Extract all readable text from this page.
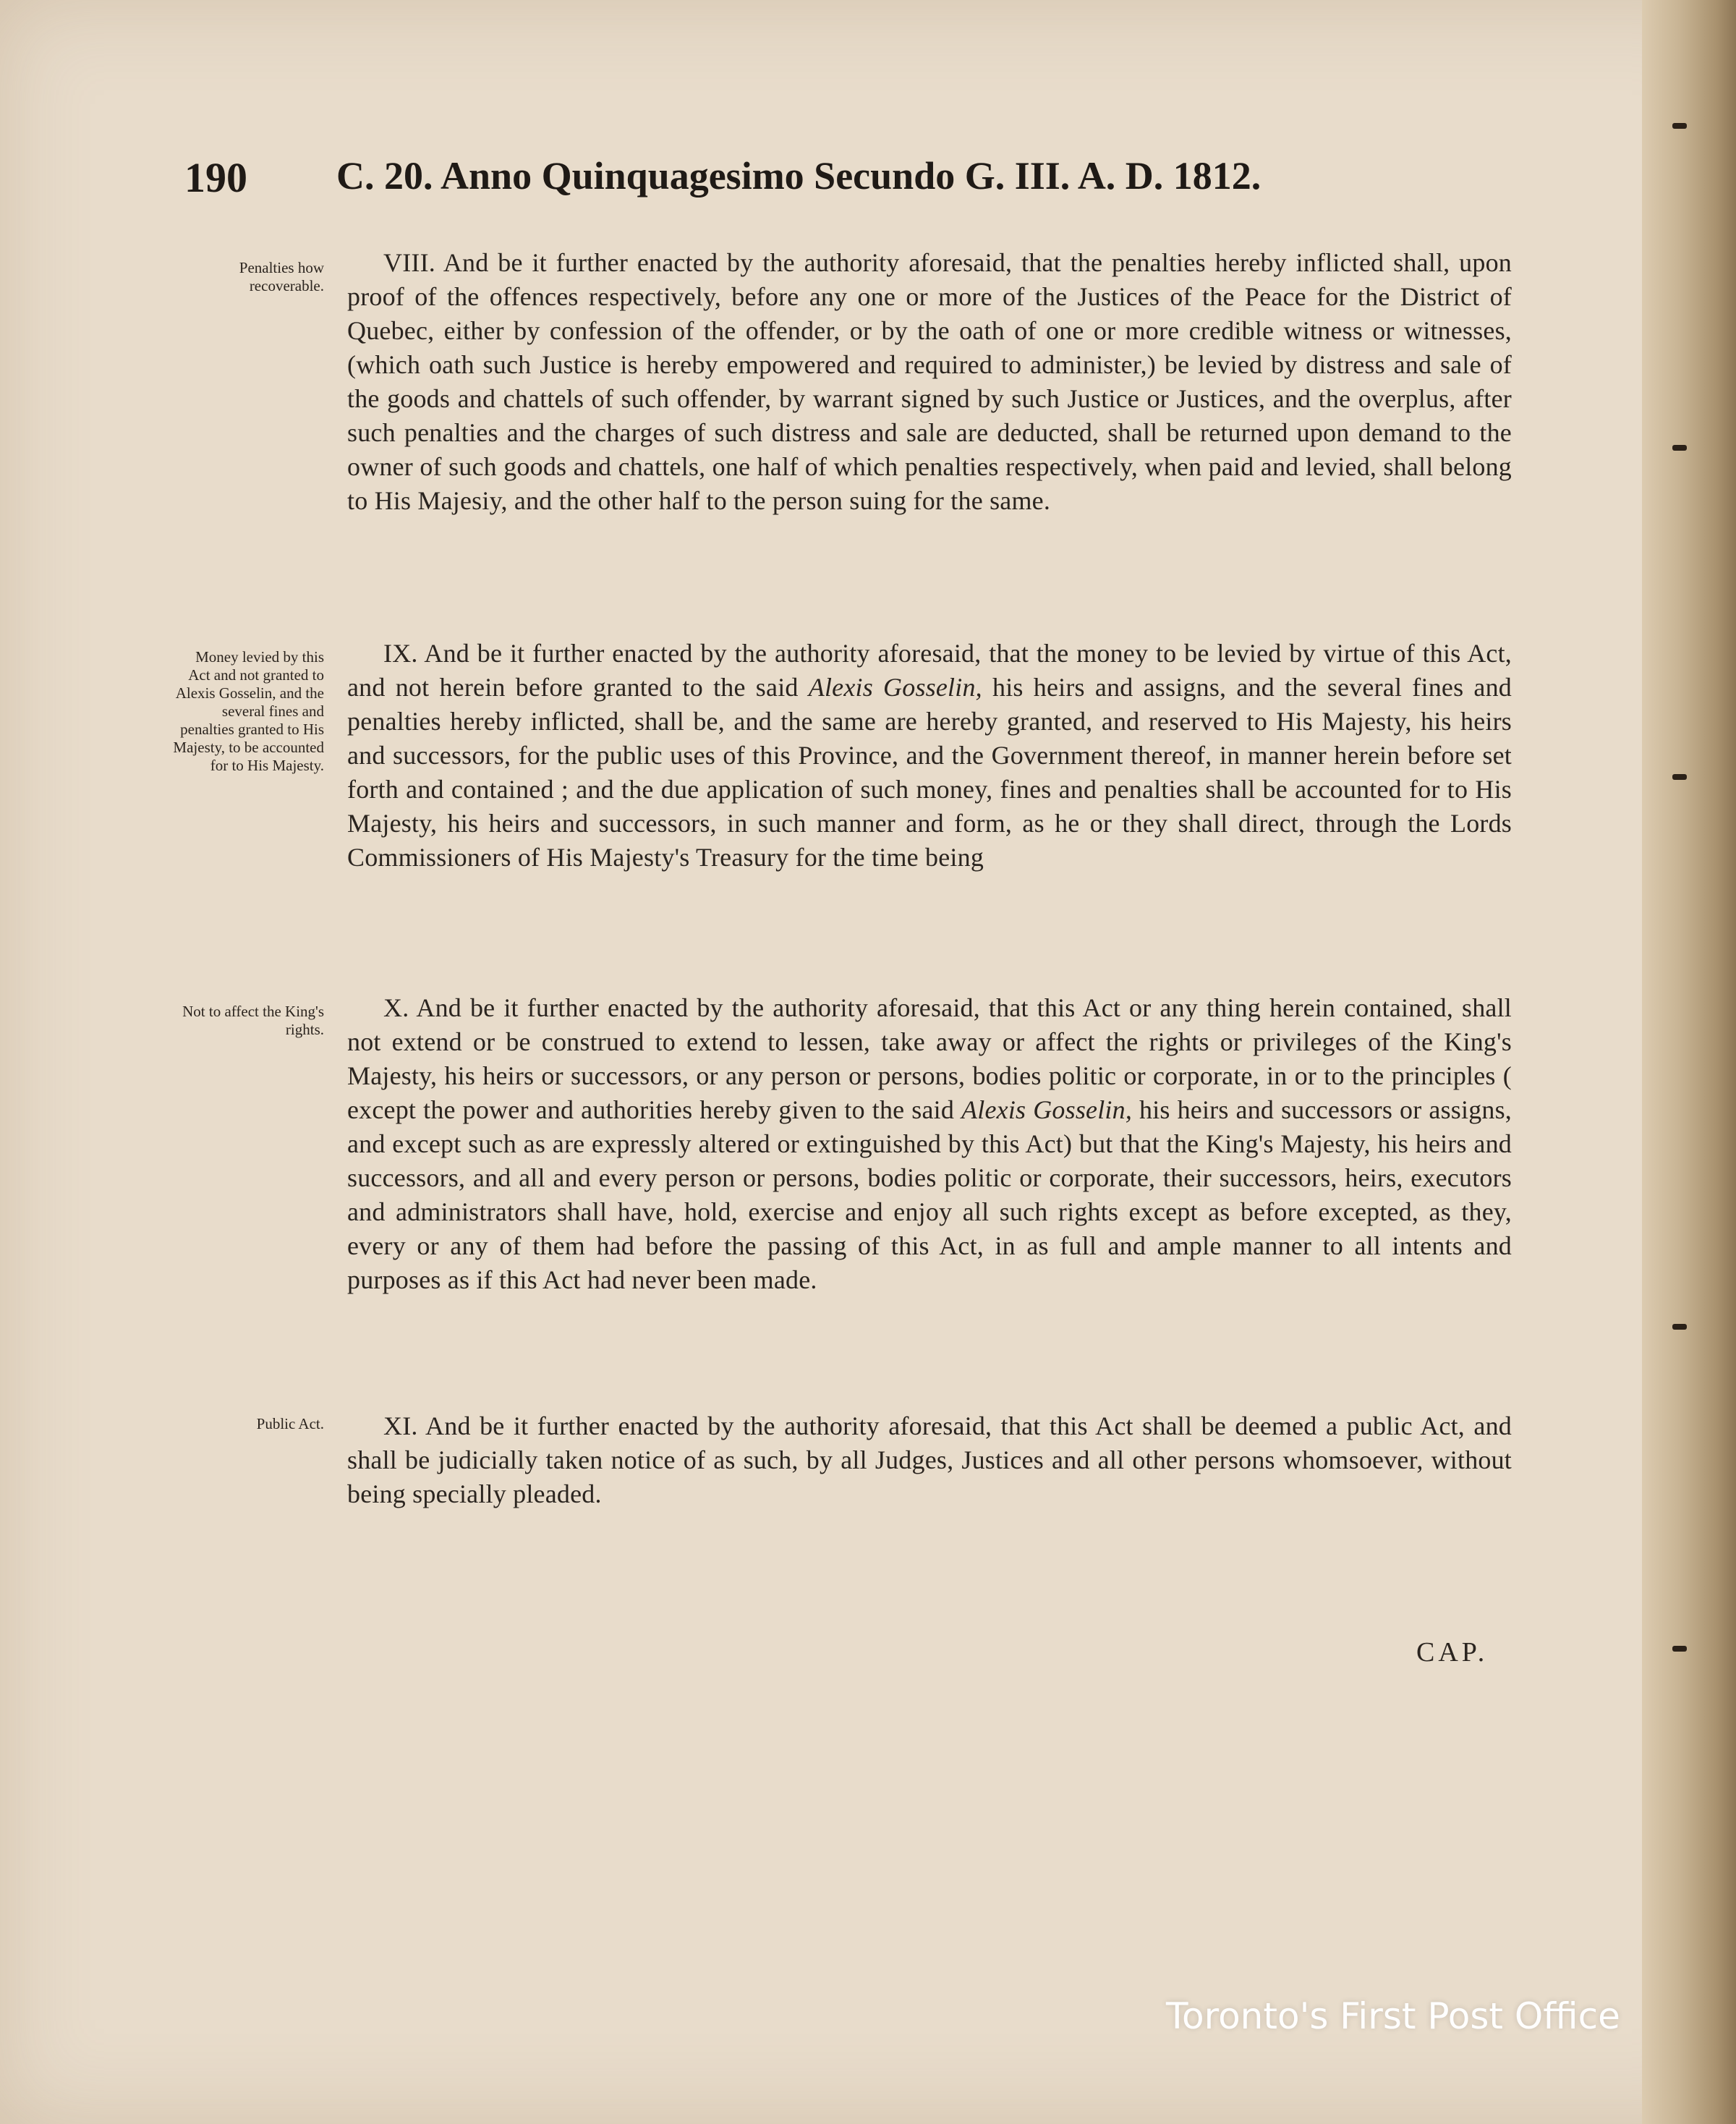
190 C. 20. Anno Quinquagesimo Secundo G. III. A. D. 1812.
Penalties how recoverable.
VIII. And be it further enacted by the authority aforesaid, that the penalties hereby inflicted shall, upon proof of the offences respectively, before any one or more of the Justices of the Peace for the District of Quebec, either by confession of the offender, or by the oath of one or more credible witness or witnesses, (which oath such Justice is hereby empowered and required to administer,) be levied by distress and sale of the goods and chattels of such offender, by warrant signed by such Justice or Justices, and the overplus, after such penalties and the charges of such distress and sale are deducted, shall be returned upon demand to the owner of such goods and chattels, one half of which penalties respectively, when paid and levied, shall belong to His Majesiy, and the other half to the person suing for the same.
Money levied by this Act and not granted to Alexis Gosselin, and the several fines and penalties granted to His Majesty, to be accounted for to His Majesty.
IX. And be it further enacted by the authority aforesaid, that the money to be levied by virtue of this Act, and not herein before granted to the said Alexis Gosselin, his heirs and assigns, and the several fines and penalties hereby inflicted, shall be, and the same are hereby granted, and reserved to His Majesty, his heirs and successors, for the public uses of this Province, and the Government thereof, in manner herein before set forth and contained ; and the due application of such money, fines and penalties shall be accounted for to His Majesty, his heirs and successors, in such manner and form, as he or they shall direct, through the Lords Commissioners of His Majesty's Treasury for the time being
Not to affect the King's rights.
X. And be it further enacted by the authority aforesaid, that this Act or any thing herein contained, shall not extend or be construed to extend to lessen, take away or affect the rights or privileges of the King's Majesty, his heirs or successors, or any person or persons, bodies politic or corporate, in or to the principles ( except the power and authorities hereby given to the said Alexis Gosselin, his heirs and successors or assigns, and except such as are expressly altered or extinguished by this Act) but that the King's Majesty, his heirs and successors, and all and every person or persons, bodies politic or corporate, their successors, heirs, executors and administrators shall have, hold, exercise and enjoy all such rights except as before excepted, as they, every or any of them had before the passing of this Act, in as full and ample manner to all intents and purposes as if this Act had never been made.
Public Act.	XI. And be it further enacted by the authority aforesaid, that this Act shall be deemed a public Act, and shall be judicially taken notice of as such, by all Judges, Justices and all other persons whomsoever, without being specially pleaded.
CAP.
Toronto's First Post Office
